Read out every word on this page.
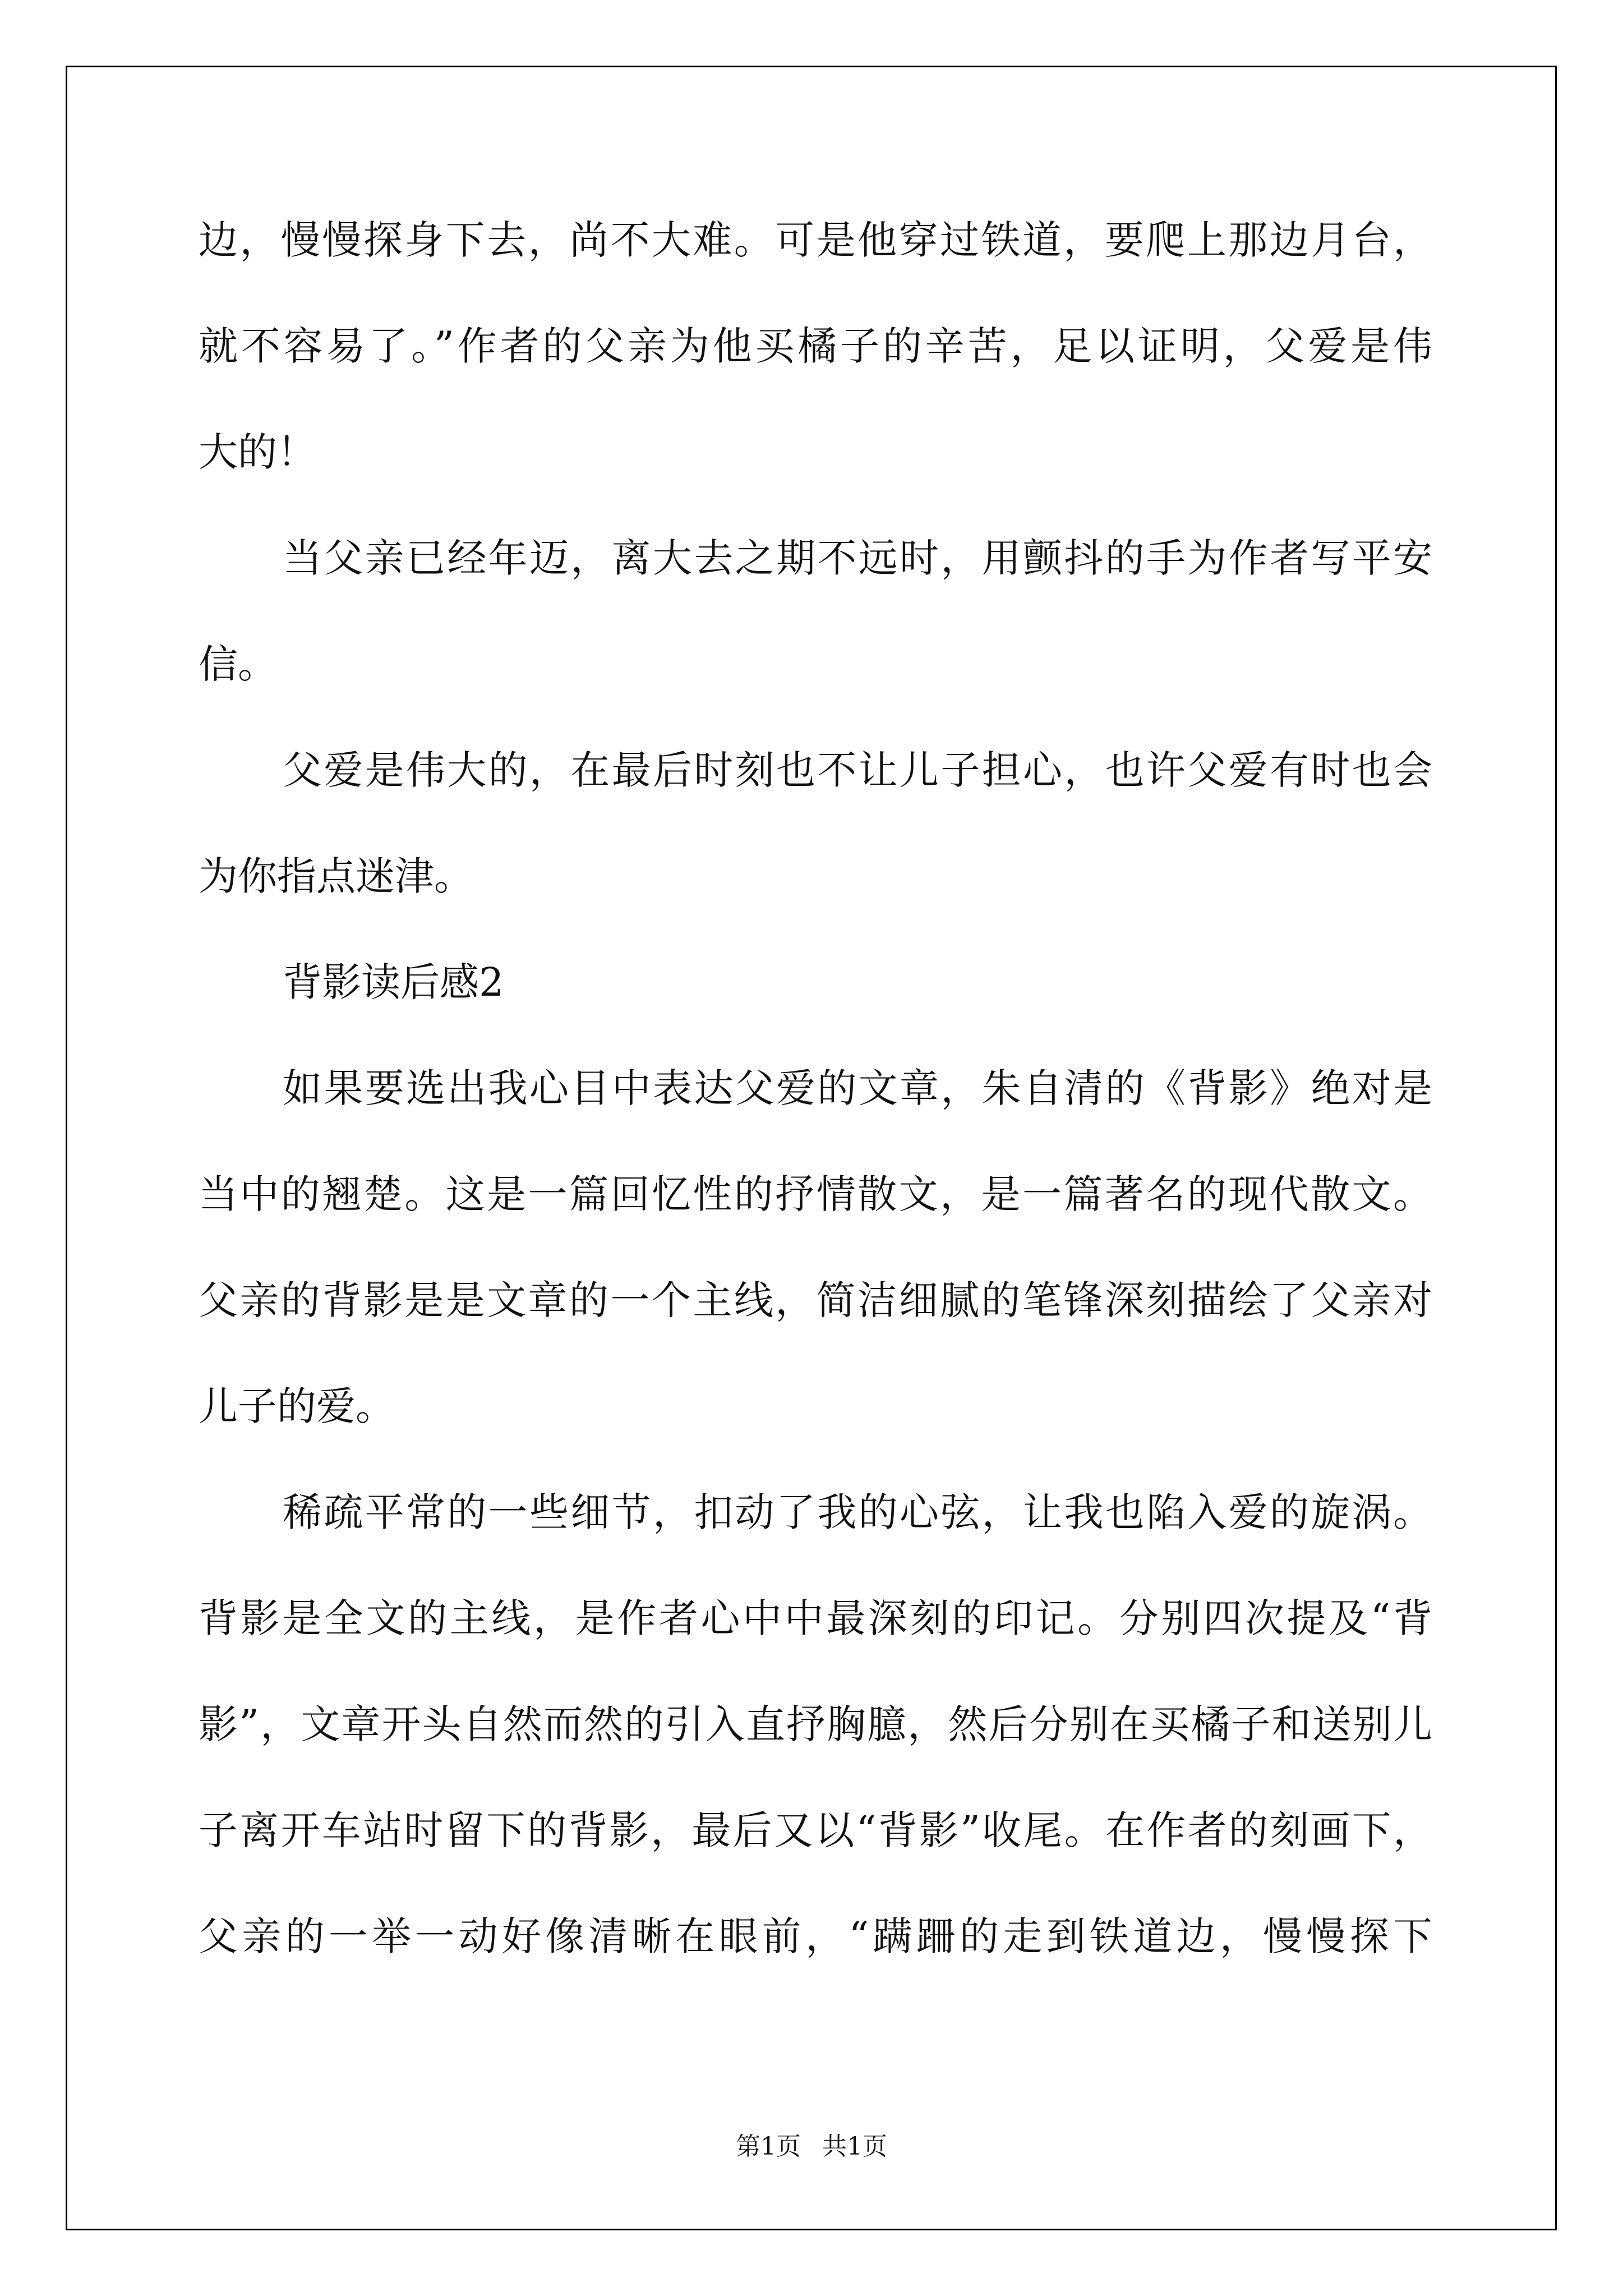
边，慢慢探身下去，尚不大难。可是他穿过铁道，要爬上那边月台，
就不容易了。”作者的父亲为他买橘子的辛苦，足以证明，父爱是伟
大的！
当父亲已经年迈，离大去之期不远时，用颤抖的手为作者写平安
信。
父爱是伟大的，在最后时刻也不让儿子担心，也许父爱有时也会
为你指点迷津。
背影读后感2
如果要选出我心目中表达父爱的文章，朱自清的《背影》绝对是
当中的翘楚。这是一篇回忆性的抒情散文，是一篇著名的现代散文。
父亲的背影是是文章的一个主线，简洁细腻的笔锋深刻描绘了父亲对
儿子的爱。
稀疏平常的一些细节，扣动了我的心弦，让我也陷入爱的旋涡。
背影是全文的主线，是作者心中中最深刻的印记。分别四次提及“背
影”，文章开头自然而然的引入直抒胸臆，然后分别在买橘子和送别儿
子离开车站时留下的背影，最后又以“背影”收尾。在作者的刻画下，
父亲的一举一动好像清晰在眼前，“蹒跚的走到铁道边，慢慢探下
第1页 共1页
